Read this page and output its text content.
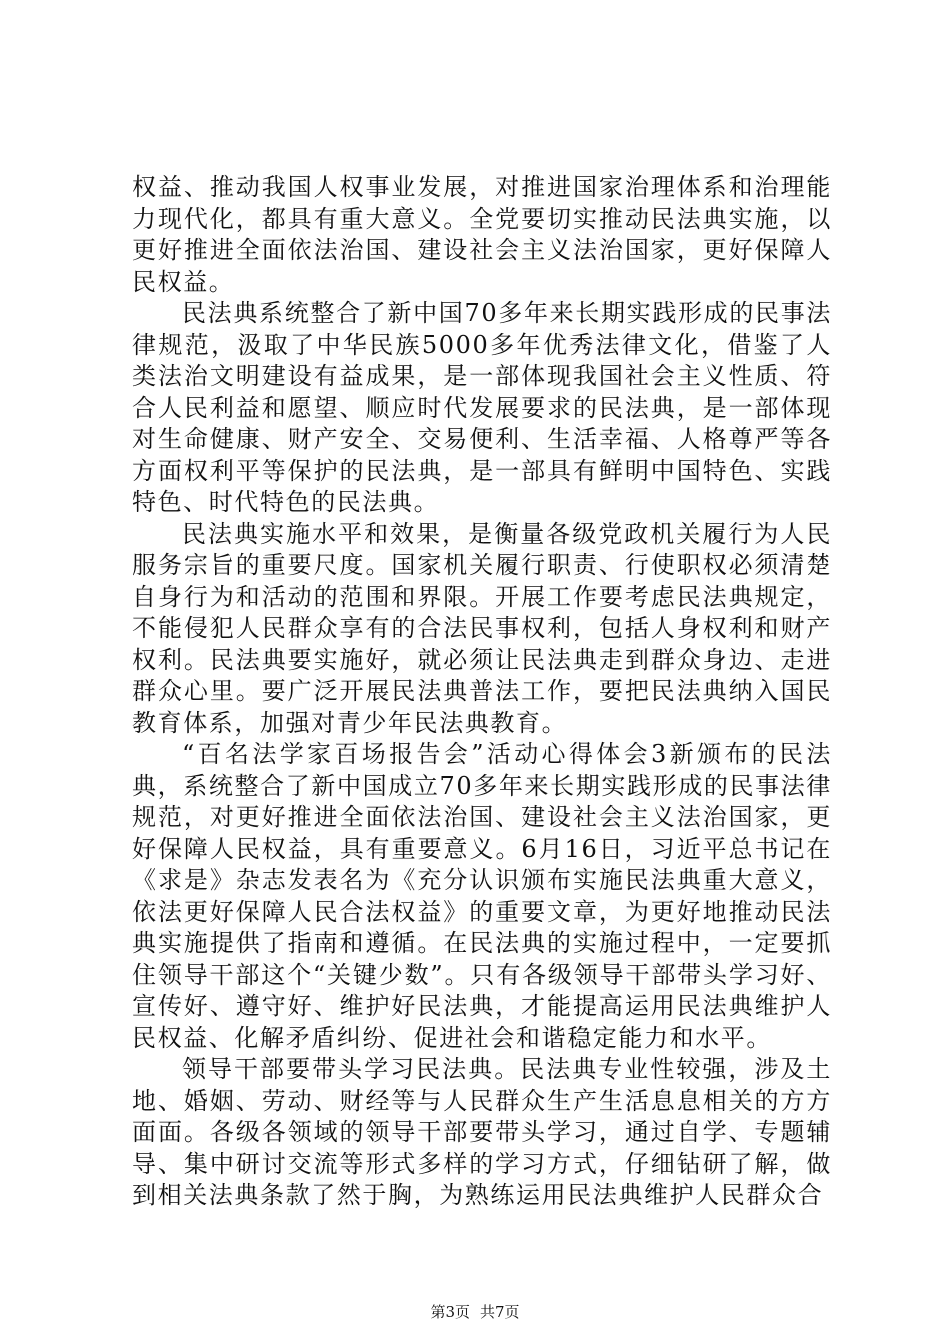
权益、推动我国人权事业发展，对推进国家治理体系和治理能力现代化，都具有重大意义。全党要切实推动民法典实施，以更好推进全面依法治国、建设社会主义法治国家，更好保障人民权益。

民法典系统整合了新中国70多年来长期实践形成的民事法律规范，汲取了中华民族5000多年优秀法律文化，借鉴了人类法治文明建设有益成果，是一部体现我国社会主义性质、符合人民利益和愿望、顺应时代发展要求的民法典，是一部体现对生命健康、财产安全、交易便利、生活幸福、人格尊严等各方面权利平等保护的民法典，是一部具有鲜明中国特色、实践特色、时代特色的民法典。

民法典实施水平和效果，是衡量各级党政机关履行为人民服务宗旨的重要尺度。国家机关履行职责、行使职权必须清楚自身行为和活动的范围和界限。开展工作要考虑民法典规定，不能侵犯人民群众享有的合法民事权利，包括人身权利和财产权利。民法典要实施好，就必须让民法典走到群众身边、走进群众心里。要广泛开展民法典普法工作，要把民法典纳入国民教育体系，加强对青少年民法典教育。

“百名法学家百场报告会”活动心得体会3新颁布的民法典，系统整合了新中国成立70多年来长期实践形成的民事法律规范，对更好推进全面依法治国、建设社会主义法治国家，更好保障人民权益，具有重要意义。6月16日，习近平总书记在《求是》杂志发表名为《充分认识颁布实施民法典重大意义，依法更好保障人民合法权益》的重要文章，为更好地推动民法典实施提供了指南和遵循。在民法典的实施过程中，一定要抓住领导干部这个“关键少数”。只有各级领导干部带头学习好、宣传好、遵守好、维护好民法典，才能提高运用民法典维护人民权益、化解矛盾纠纷、促进社会和谐稳定能力和水平。

领导干部要带头学习民法典。民法典专业性较强，涉及土地、婚姻、劳动、财经等与人民群众生产生活息息相关的方方面面。各级各领域的领导干部要带头学习，通过自学、专题辅导、集中研讨交流等形式多样的学习方式，仔细钻研了解，做到相关法典条款了然于胸，为熟练运用民法典维护人民群众合

第3页 共7页
